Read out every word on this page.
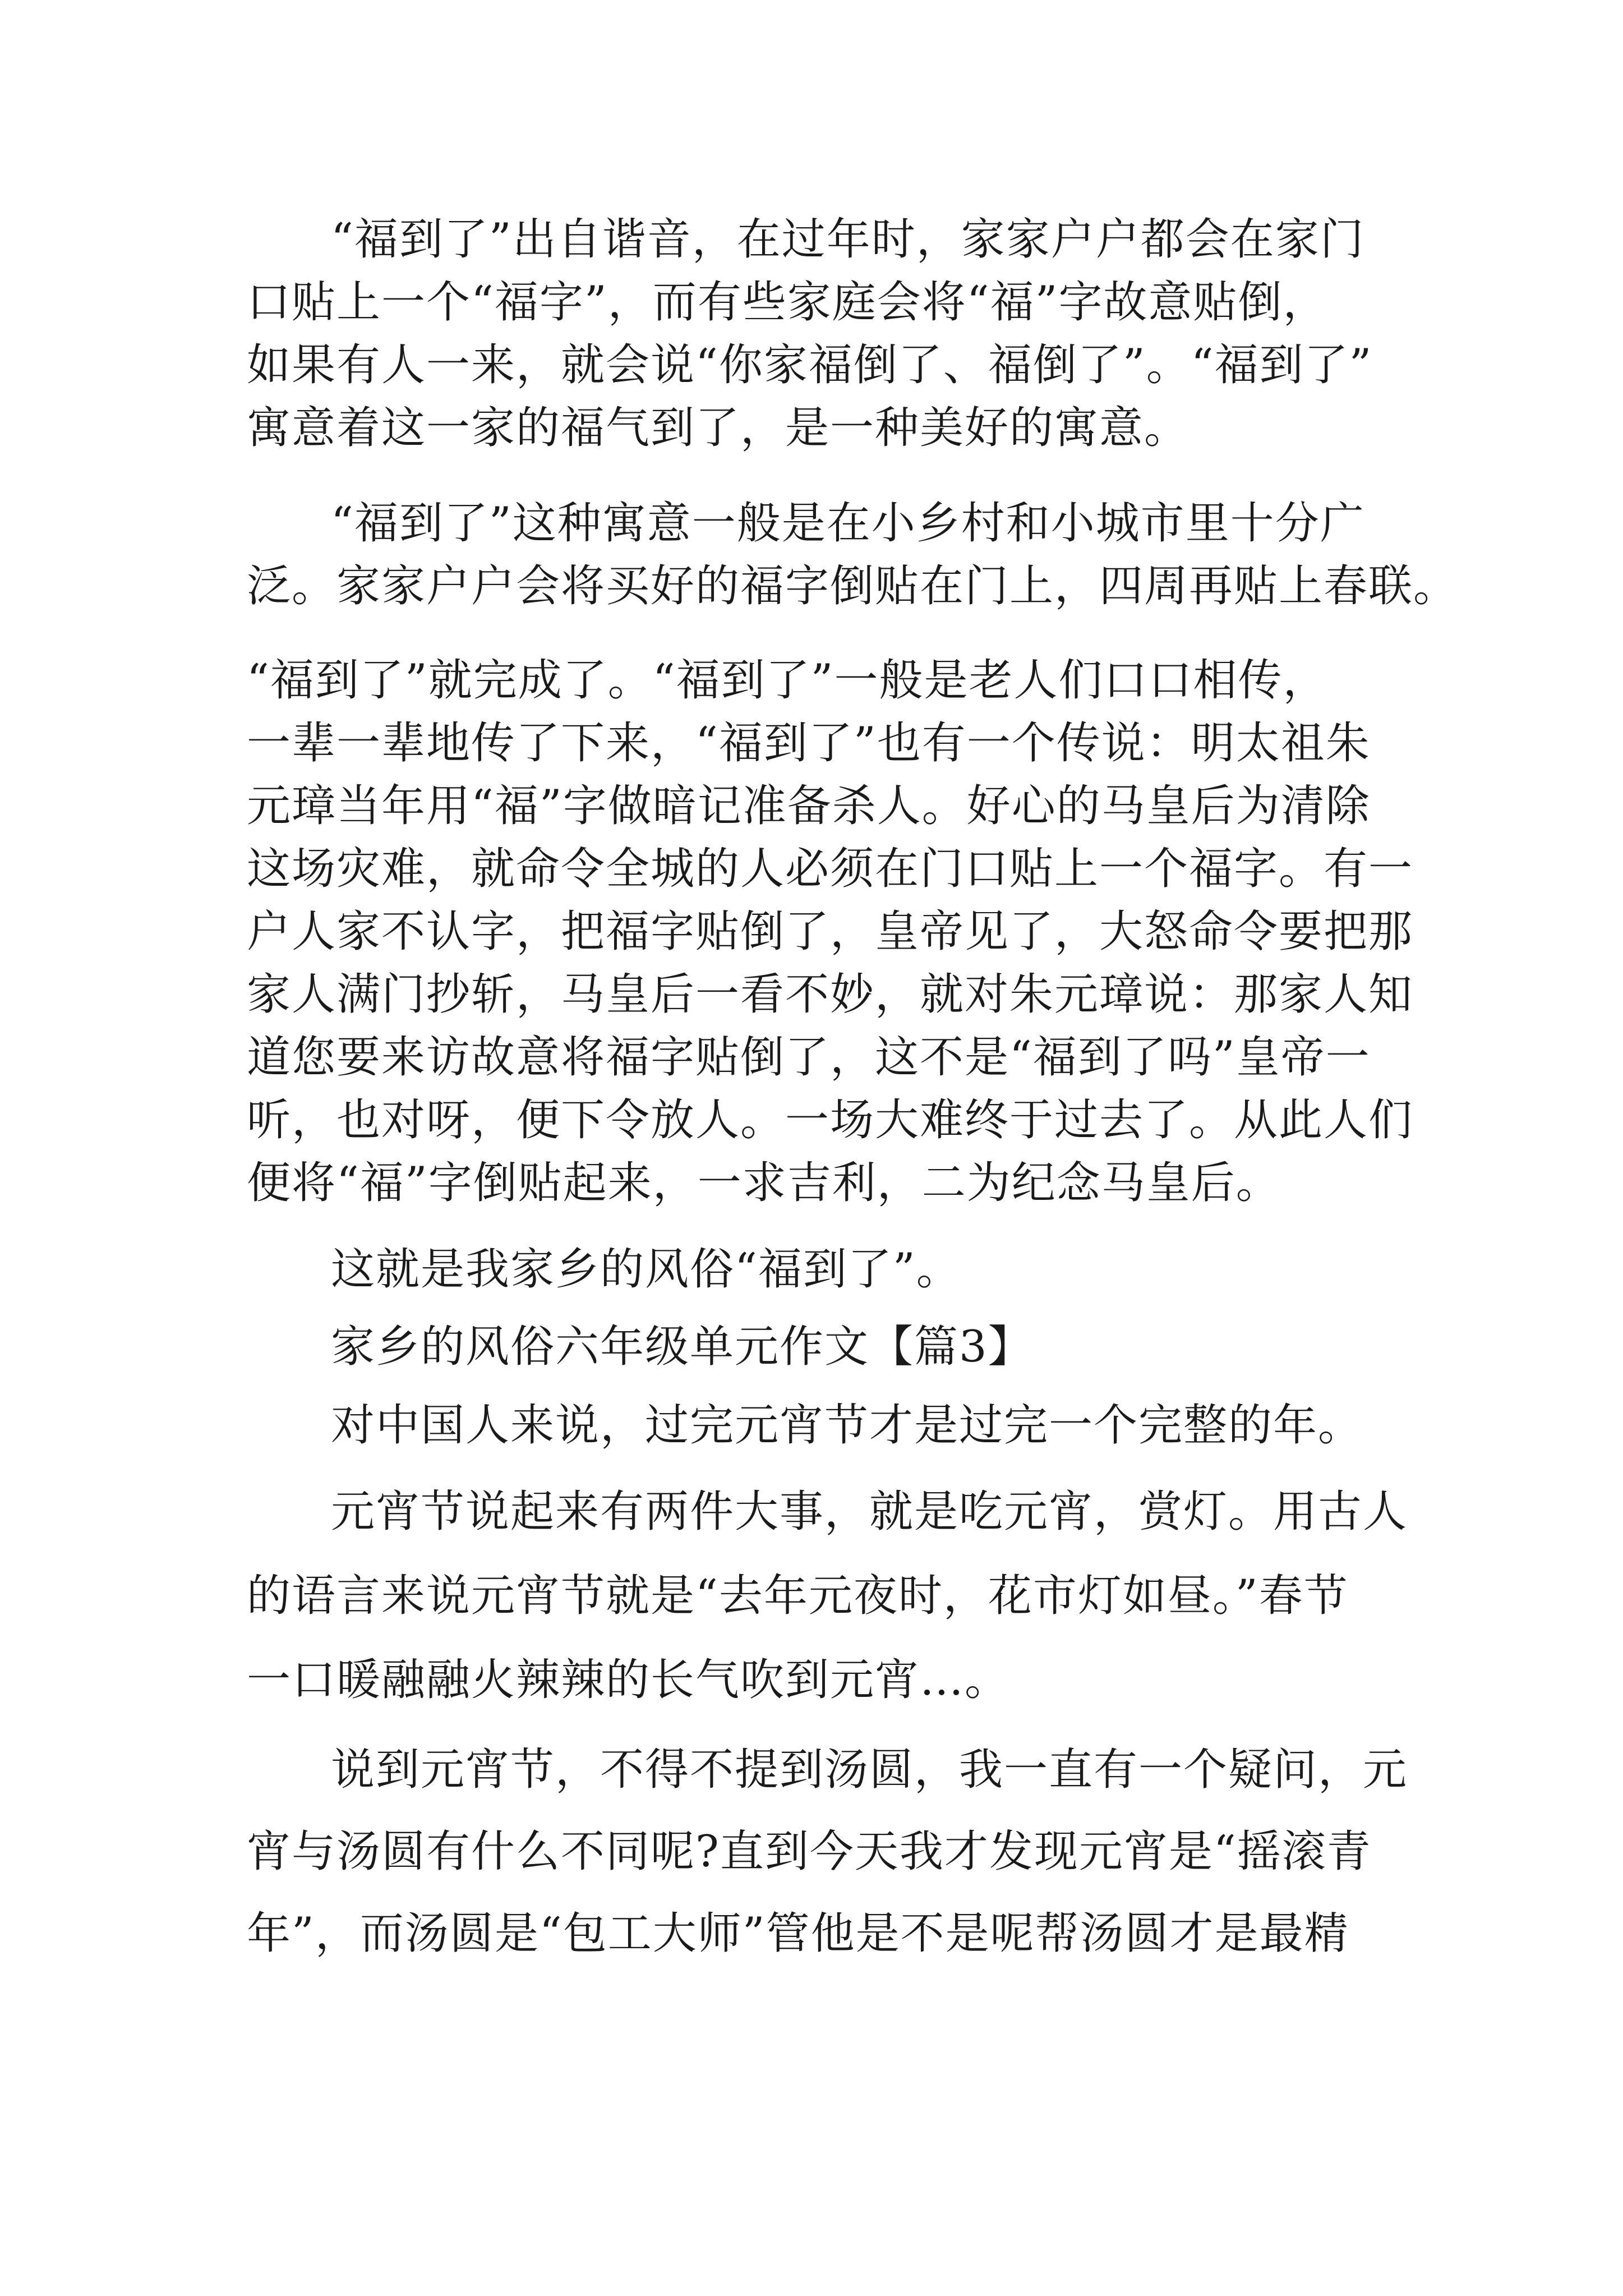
“福到了”出自谐音，在过年时，家家户户都会在家门
口贴上一个“福字”，而有些家庭会将“福”字故意贴倒，
如果有人一来，就会说“你家福倒了、福倒了”。“福到了”
寓意着这一家的福气到了，是一种美好的寓意。
“福到了”这种寓意一般是在小乡村和小城市里十分广
泛。家家户户会将买好的福字倒贴在门上，四周再贴上春联。
“福到了”就完成了。“福到了”一般是老人们口口相传，
一辈一辈地传了下来，“福到了”也有一个传说：明太祖朱
元璋当年用“福”字做暗记准备杀人。好心的马皇后为清除
这场灾难，就命令全城的人必须在门口贴上一个福字。有一
户人家不认字，把福字贴倒了，皇帝见了，大怒命令要把那
家人满门抄斩，马皇后一看不妙，就对朱元璋说：那家人知
道您要来访故意将福字贴倒了，这不是“福到了吗”皇帝一
听，也对呀，便下令放人。一场大难终于过去了。从此人们
便将“福”字倒贴起来，一求吉利，二为纪念马皇后。
这就是我家乡的风俗“福到了”。
家乡的风俗六年级单元作文【篇3】
对中国人来说，过完元宵节才是过完一个完整的年。
元宵节说起来有两件大事，就是吃元宵，赏灯。用古人
的语言来说元宵节就是“去年元夜时，花市灯如昼。”春节
一口暖融融火辣辣的长气吹到元宵…。
说到元宵节，不得不提到汤圆，我一直有一个疑问，元
宵与汤圆有什么不同呢?直到今天我才发现元宵是“摇滚青
年”，而汤圆是“包工大师”管他是不是呢帮汤圆才是最精
